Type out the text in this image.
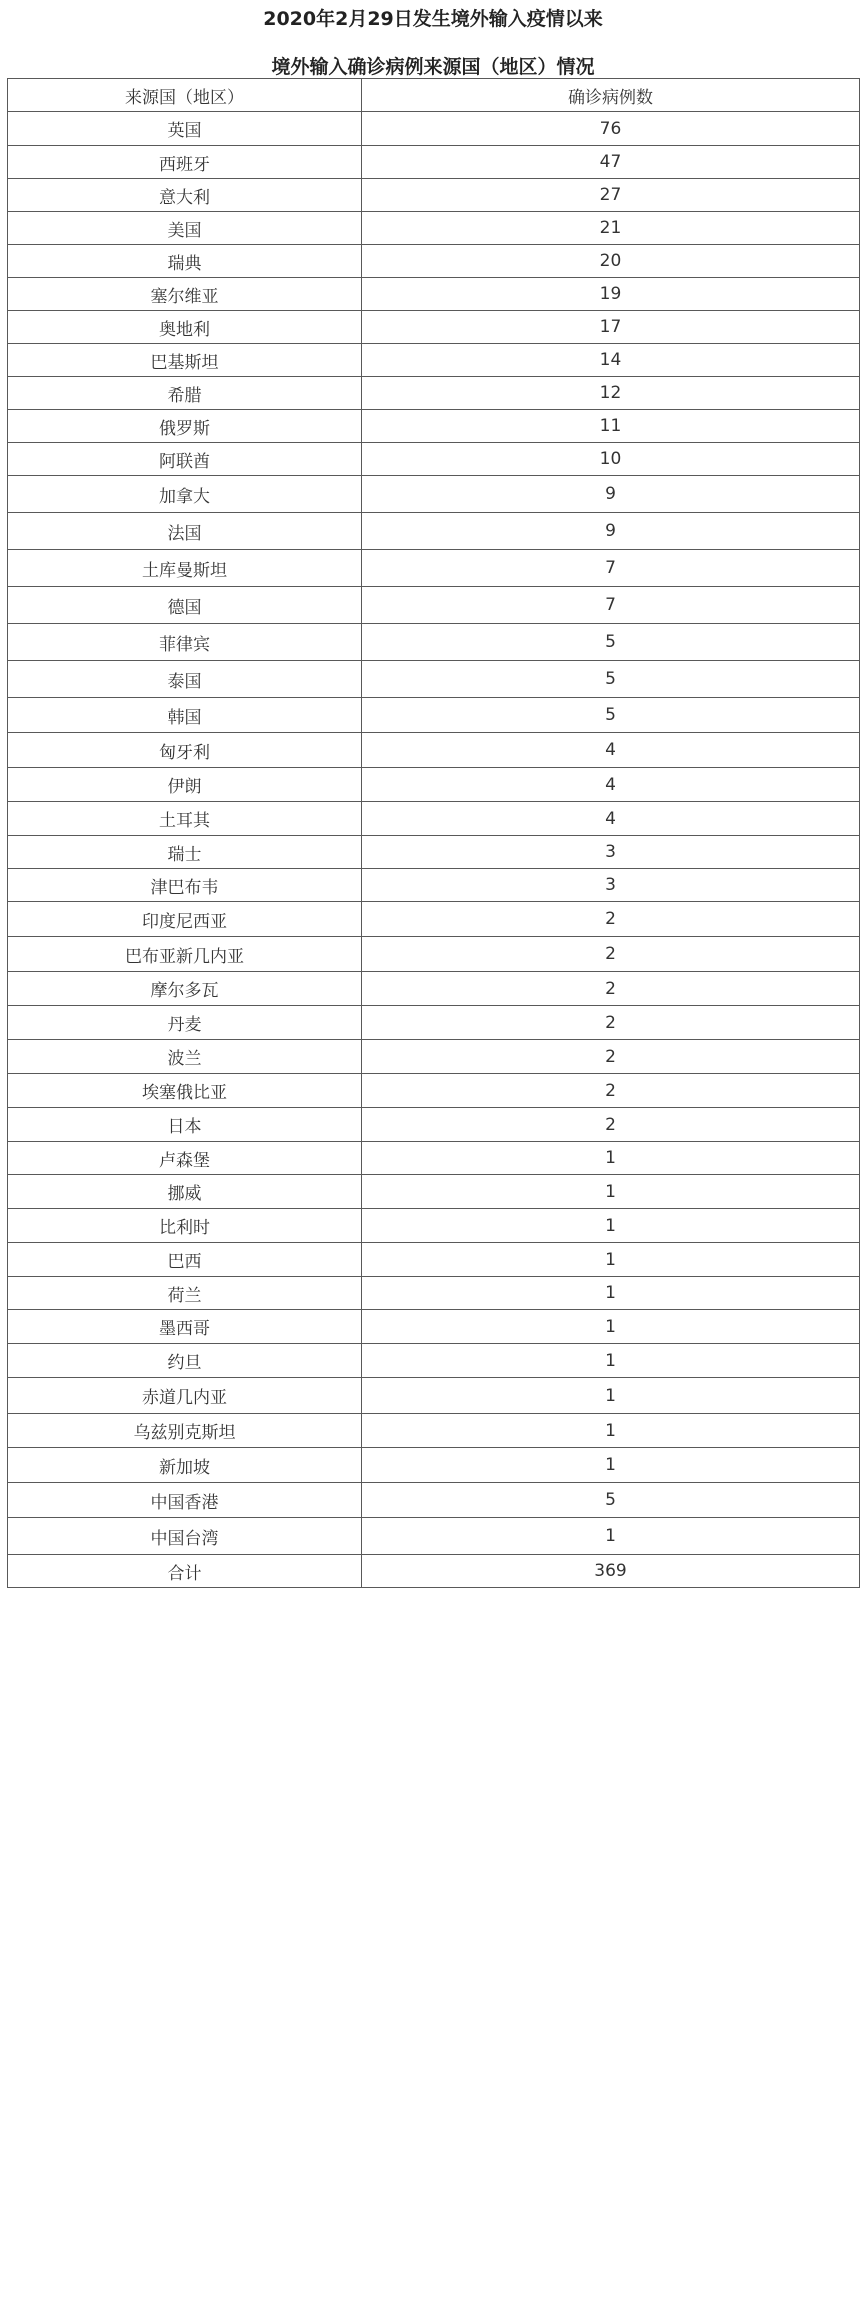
2020年2月29日发生境外输入疫情以来
境外输入确诊病例来源国（地区）情况
来源国（地区）	确诊病例数
英国	76
西班牙	47
意大利	27
美国	21
瑞典	20
塞尔维亚	19
奥地利	17
巴基斯坦	14
希腊	12
俄罗斯	11
阿联酋	10
加拿大	9
法国	9
土库曼斯坦	7
德国	7
菲律宾	5
泰国	5
韩国	5
匈牙利	4
伊朗	4
土耳其	4
瑞士	3
津巴布韦	3
印度尼西亚	2
巴布亚新几内亚	2
摩尔多瓦	2
丹麦	2
波兰	2
埃塞俄比亚	2
日本	2
卢森堡	1
挪威	1
比利时	1
巴西	1
荷兰	1
墨西哥	1
约旦	1
赤道几内亚	1
乌兹别克斯坦	1
新加坡	1
中国香港	5
中国台湾	1
合计	369
